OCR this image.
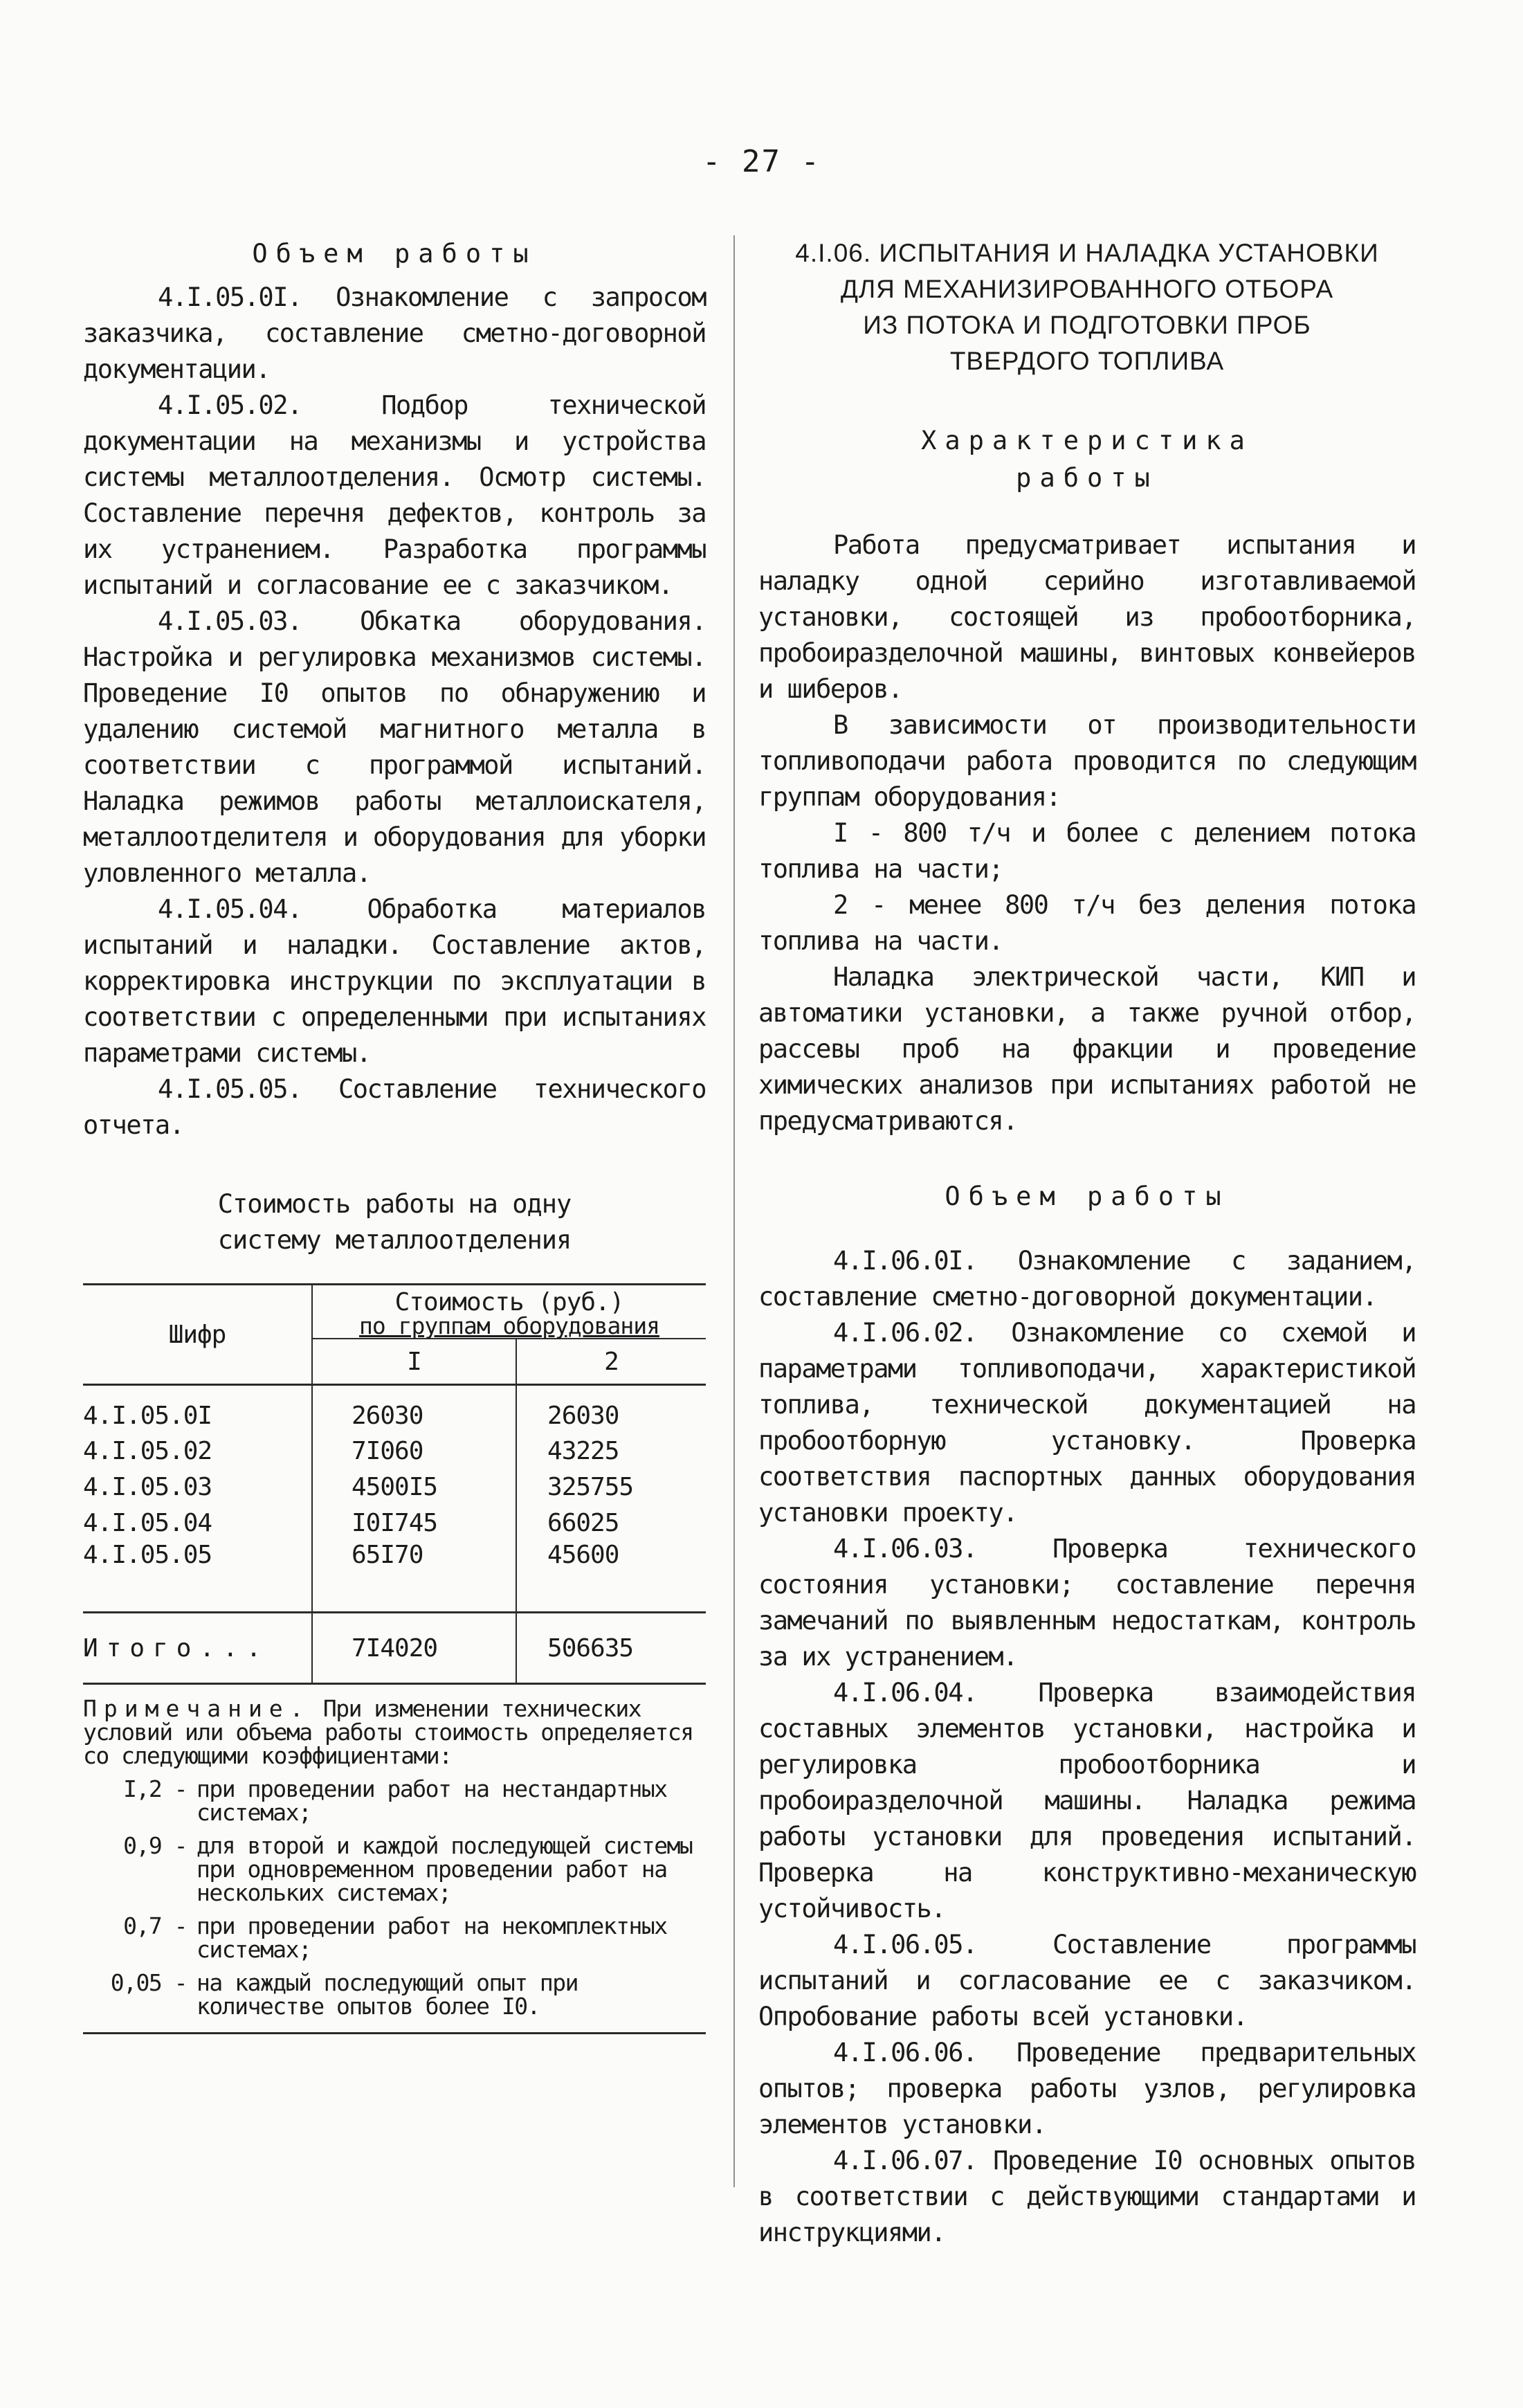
- 27 -

Объем работы

4.I.05.0I. Ознакомление с запросом заказчика, составление сметно-договорной документации.

4.I.05.02. Подбор технической документации на механизмы и устройства системы металлоотделения. Осмотр системы. Составление перечня дефектов, контроль за их устранением. Разработка программы испытаний и согласование ее с заказчиком.

4.I.05.03. Обкатка оборудования. Настройка и регулировка механизмов системы. Проведение I0 опытов по обнаружению и удалению системой магнитного металла в соответствии с программой испытаний. Наладка режимов работы металлоискателя, металлоотделителя и оборудования для уборки уловленного металла.

4.I.05.04. Обработка материалов испытаний и наладки. Составление актов, корректировка инструкции по эксплуатации в соответствии с определенными при испытаниях параметрами системы.

4.I.05.05. Составление технического отчета.

Стоимость работы на одну

систему металлоотделения

Шифр	Стоимость (руб.)
по группам оборудования	

	I	2
4.I.05.0I	26030	26030
4.I.05.02	7I060	43225
4.I.05.03	4500I5	325755
4.I.05.04	I0I745	66025
4.I.05.05	65I70	45600
Итого...	7I4020	506635

Примечание. При изменении технических условий или объема работы стоимость определяется со следующими коэффициентами:

I,2 - при проведении работ на нестандартных системах;
0,9 - для второй и каждой последующей системы при одновременном проведении работ на нескольких системах;
0,7 - при проведении работ на некомплектных системах;
0,05 - на каждый последующий опыт при количестве опытов более I0.

4.I.06. ИСПЫТАНИЯ И НАЛАДКА УСТАНОВКИ

ДЛЯ МЕХАНИЗИРОВАННОГО ОТБОРА

ИЗ ПОТОКА И ПОДГОТОВКИ ПРОБ

ТВЕРДОГО ТОПЛИВА

Характеристика

работы

Работа предусматривает испытания и наладку одной серийно изготавливаемой установки, состоящей из пробоотборника, пробоиразделочной машины, винтовых конвейеров и шиберов.

В зависимости от производительности топливоподачи работа проводится по следующим группам оборудования:

I - 800 т/ч и более с делением потока топлива на части;

2 - менее 800 т/ч без деления потока топлива на части.

Наладка электрической части, КИП и автоматики установки, а также ручной отбор, рассевы проб на фракции и проведение химических анализов при испытаниях работой не предусматриваются.

Объем работы

4.I.06.0I. Ознакомление с заданием, составление сметно-договорной документации.

4.I.06.02. Ознакомление со схемой и параметрами топливоподачи, характеристикой топлива, технической документацией на пробоотборную установку. Проверка соответствия паспортных данных оборудования установки проекту.

4.I.06.03. Проверка технического состояния установки; составление перечня замечаний по выявленным недостаткам, контроль за их устранением.

4.I.06.04. Проверка взаимодействия составных элементов установки, настройка и регулировка пробоотборника и пробоиразделочной машины. Наладка режима работы установки для проведения испытаний. Проверка на конструктивно-механическую устойчивость.

4.I.06.05. Составление программы испытаний и согласование ее с заказчиком. Опробование работы всей установки.

4.I.06.06. Проведение предварительных опытов; проверка работы узлов, регулировка элементов установки.

4.I.06.07. Проведение I0 основных опытов в соответствии с действующими стандартами и инструкциями.
